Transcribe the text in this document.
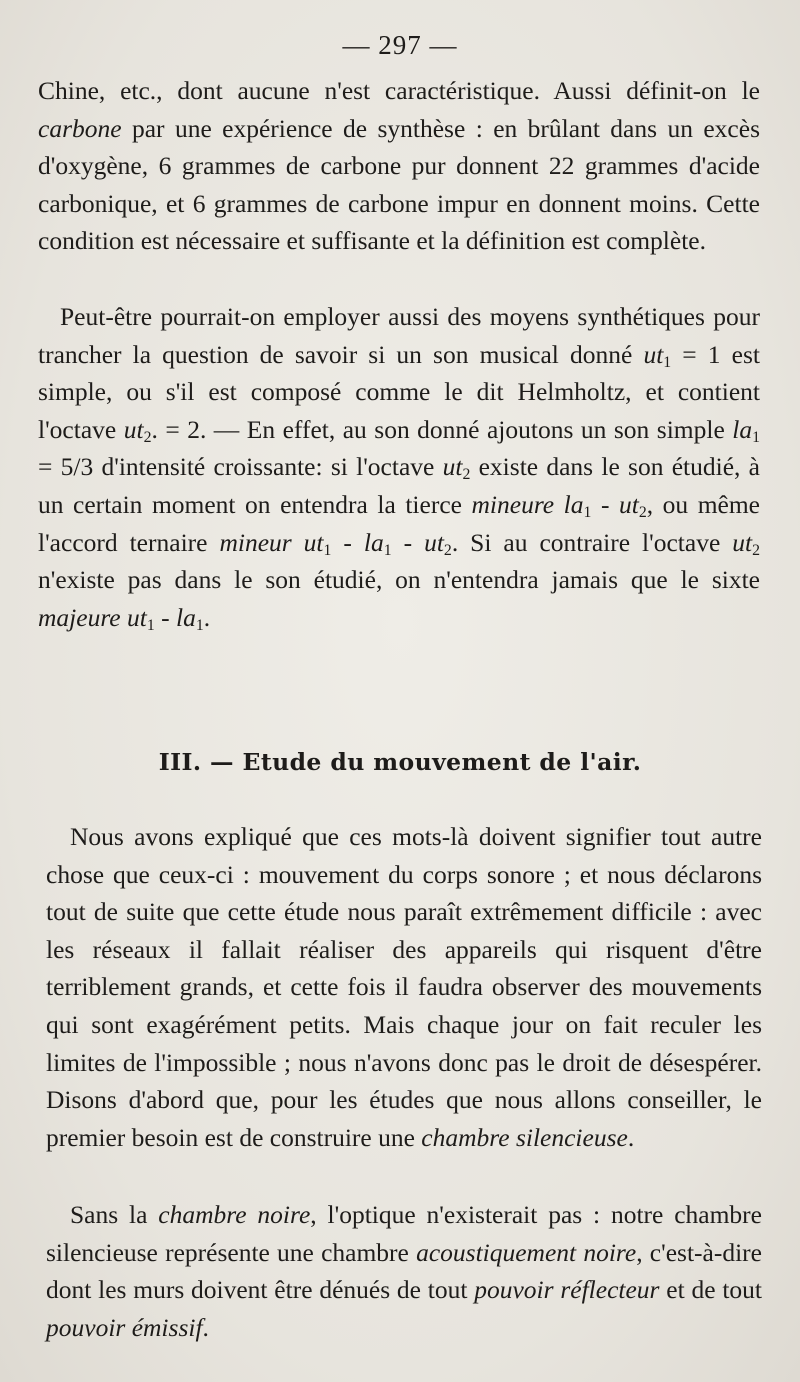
— 297 —

Chine, etc., dont aucune n'est caractéristique. Aussi définit-on le carbone par une expérience de synthèse : en brûlant dans un excès d'oxygène, 6 grammes de carbone pur donnent 22 grammes d'acide carbonique, et 6 grammes de carbone impur en donnent moins. Cette condition est nécessaire et suffisante et la définition est complète.

Peut-être pourrait-on employer aussi des moyens synthétiques pour trancher la question de savoir si un son musical donné $ut_1 = 1$ est simple, ou s'il est composé comme le dit Helmholtz, et contient l'octave $ut_2$. = 2. — En effet, au son donné ajoutons un son simple $la_1 = 5/3$ d'intensité croissante: si l'octave $ut_2$ existe dans le son étudié, à un certain moment on entendra la tierce mineure $la_1 - ut_2$, ou même l'accord ternaire mineur $ut_1 - la_1 - ut_2$. Si au contraire l'octave $ut_2$ n'existe pas dans le son étudié, on n'entendra jamais que le sixte majeure $ut_1 - la_1$.

III. — Etude du mouvement de l'air.

Nous avons expliqué que ces mots-là doivent signifier tout autre chose que ceux-ci : mouvement du corps sonore ; et nous déclarons tout de suite que cette étude nous paraît extrêmement difficile : avec les réseaux il fallait réaliser des appareils qui risquent d'être terriblement grands, et cette fois il faudra observer des mouvements qui sont exagérément petits. Mais chaque jour on fait reculer les limites de l'impossible ; nous n'avons donc pas le droit de désespérer. Disons d'abord que, pour les études que nous allons conseiller, le premier besoin est de construire une chambre silencieuse.

Sans la chambre noire, l'optique n'existerait pas : notre chambre silencieuse représente une chambre acoustiquement noire, c'est-à-dire dont les murs doivent être dénués de tout pouvoir réflecteur et de tout pouvoir émissif.
